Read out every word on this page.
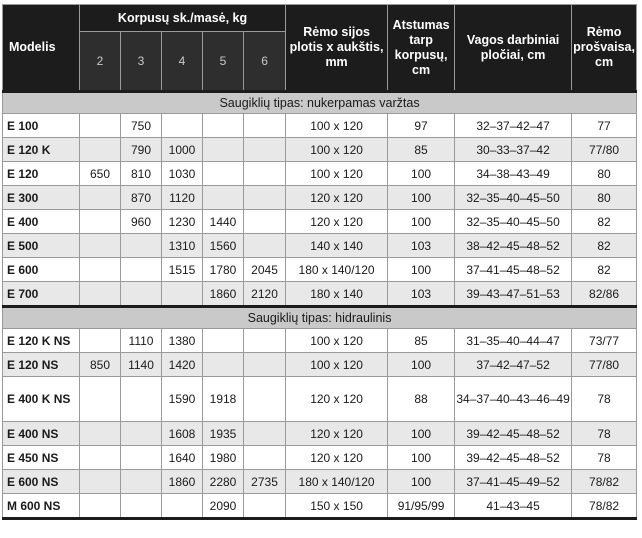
Modelis	Korpusų sk./masė, kg					Rėmo sijos plotis x aukštis, mm	Atstumas tarp korpusų, cm	Vagos darbiniai pločiai, cm	Rėmo prošvaisa, cm
	2	3	4	5	6				
Saugiklių tipas: nukerpamas varžtas									
E 100		750				100 x 120	97	32–37–42–47	77
E 120 K		790	1000			100 x 120	85	30–33–37–42	77/80
E 120	650	810	1030			100 x 120	100	34–38–43–49	80
E 300		870	1120			120 x 120	100	32–35–40–45–50	80
E 400		960	1230	1440		120 x 120	100	32–35–40–45–50	82
E 500			1310	1560		140 x 140	103	38–42–45–48–52	82
E 600			1515	1780	2045	180 x 140/120	100	37–41–45–48–52	82
E 700				1860	2120	180 x 140	103	39–43–47–51–53	82/86
Saugiklių tipas: hidraulinis									
E 120 K NS		1110	1380			100 x 120	85	31–35–40–44–47	73/77
E 120 NS	850	1140	1420			100 x 120	100	37–42–47–52	77/80
E 400 K NS			1590	1918		120 x 120	88	34–37–40–43–46–49	78
E 400 NS			1608	1935		120 x 120	100	39–42–45–48–52	78
E 450 NS			1640	1980		120 x 120	100	39–42–45–48–52	78
E 600 NS			1860	2280	2735	180 x 140/120	100	37–41–45–49–52	78/82
M 600 NS				2090		150 x 150	91/95/99	41–43–45	78/82
